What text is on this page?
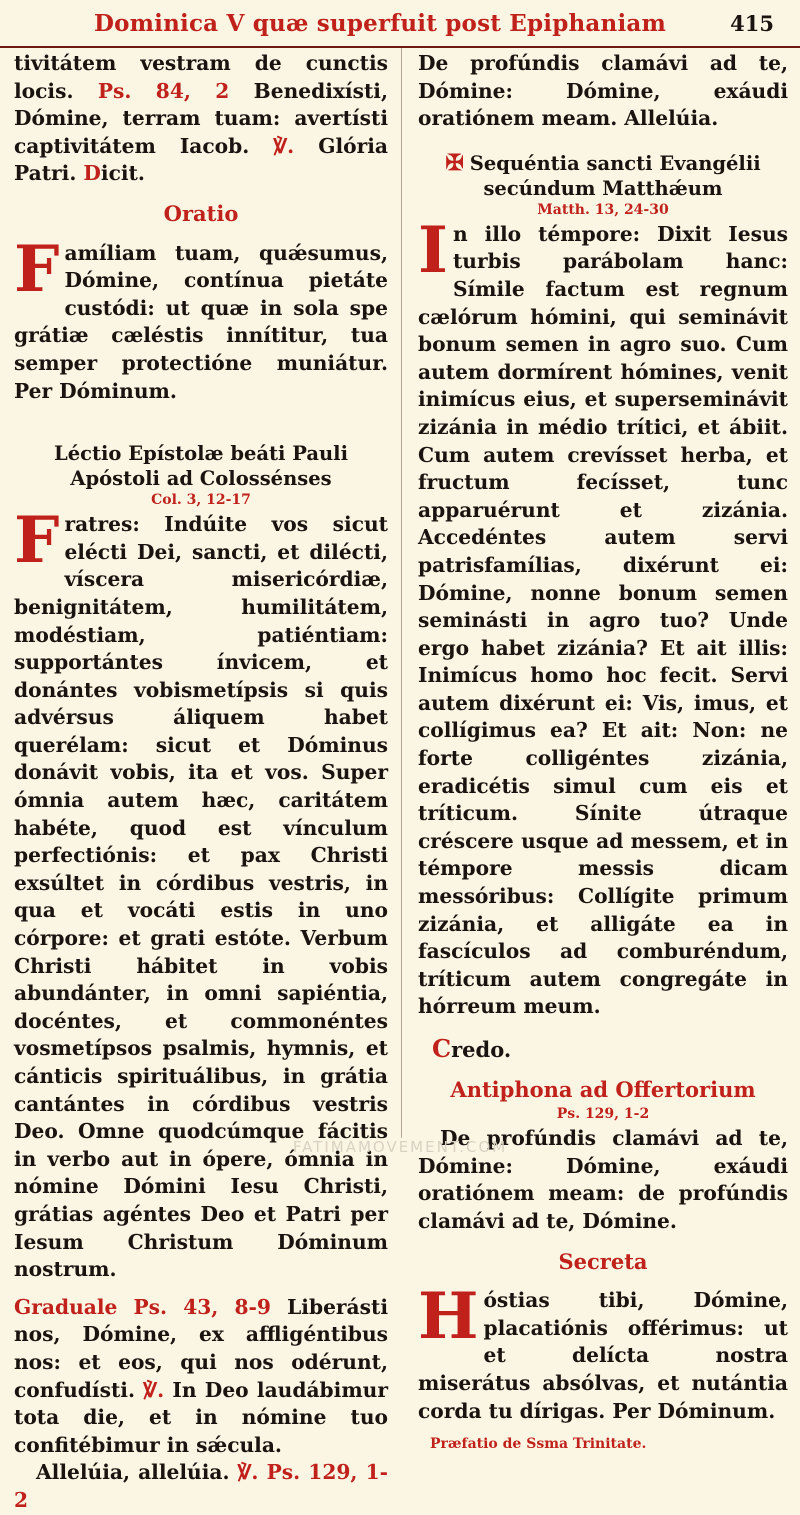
Dominica V quæ superfuit post Epiphaniam	415

tivitátem vestram de cunctis locis. Ps. 84, 2 Benedixísti, Dómine, terram tuam: avertísti captivitátem Iacob. ℣. Glória Patri. Dicit.

Oratio

Famíliam tuam, quǽsumus, Dómine, contínua pietáte custódi: ut quæ in sola spe grátiæ cæléstis innítitur, tua semper protectióne muniátur. Per Dóminum.

Léctio Epístolæ beáti Pauli Apóstoli ad Colossénses
Col. 3, 12-17

Fratres: Indúite vos sicut elécti Dei, sancti, et dilécti, víscera misericórdiæ, benignitátem, humilitátem, modéstiam, patiéntiam: supportántes ínvicem, et donántes vobismetípsis si quis advérsus áliquem habet querélam: sicut et Dóminus donávit vobis, ita et vos. Super ómnia autem hæc, caritátem habéte, quod est vínculum perfectiónis: et pax Christi exsúltet in córdibus vestris, in qua et vocáti estis in uno córpore: et grati estóte. Verbum Christi hábitet in vobis abundánter, in omni sapiéntia, docéntes, et commonéntes vosmetípsos psalmis, hymnis, et cánticis spirituálibus, in grátia cantántes in córdibus vestris Deo. Omne quodcúmque fácitis in verbo aut in ópere, ómnia in nómine Dómini Iesu Christi, grátias agéntes Deo et Patri per Iesum Christum Dóminum nostrum.

Graduale Ps. 43, 8-9 Liberásti nos, Dómine, ex affligéntibus nos: et eos, qui nos odérunt, confudísti. ℣. In Deo laudábimur tota die, et in nómine tuo confitébimur in sǽcula.

Allelúia, allelúia. ℣. Ps. 129, 1-2

De profúndis clamávi ad te, Dómine: Dómine, exáudi oratiónem meam. Allelúia.

✠ Sequéntia sancti Evangélii secúndum Matthǽum
Matth. 13, 24-30

In illo témpore: Dixit Iesus turbis parábolam hanc: Símile factum est regnum cælórum hómini, qui seminávit bonum semen in agro suo. Cum autem dormírent hómines, venit inimícus eius, et superseminávit zizánia in médio trítici, et ábiit. Cum autem crevísset herba, et fructum fecísset, tunc apparuérunt et zizánia. Accedéntes autem servi patrisfamílias, dixérunt ei: Dómine, nonne bonum semen seminásti in agro tuo? Unde ergo habet zizánia? Et ait illis: Inimícus homo hoc fecit. Servi autem dixérunt ei: Vis, imus, et collígimus ea? Et ait: Non: ne forte colligéntes zizánia, eradicétis simul cum eis et tríticum. Sínite útraque créscere usque ad messem, et in témpore messis dicam messóribus: Collígite primum zizánia, et alligáte ea in fascículos ad comburéndum, tríticum autem congregáte in hórreum meum.

Credo.

Antiphona ad Offertorium
Ps. 129, 1-2

De profúndis clamávi ad te, Dómine: Dómine, exáudi oratiónem meam: de profúndis clamávi ad te, Dómine.

Secreta

Hóstias tibi, Dómine, placatiónis offérimus: ut et delícta nostra miserátus absólvas, et nutántia corda tu dírigas. Per Dóminum.

Præfatio de Ssma Trinitate.
FATIMAMOVEMENT.COM
